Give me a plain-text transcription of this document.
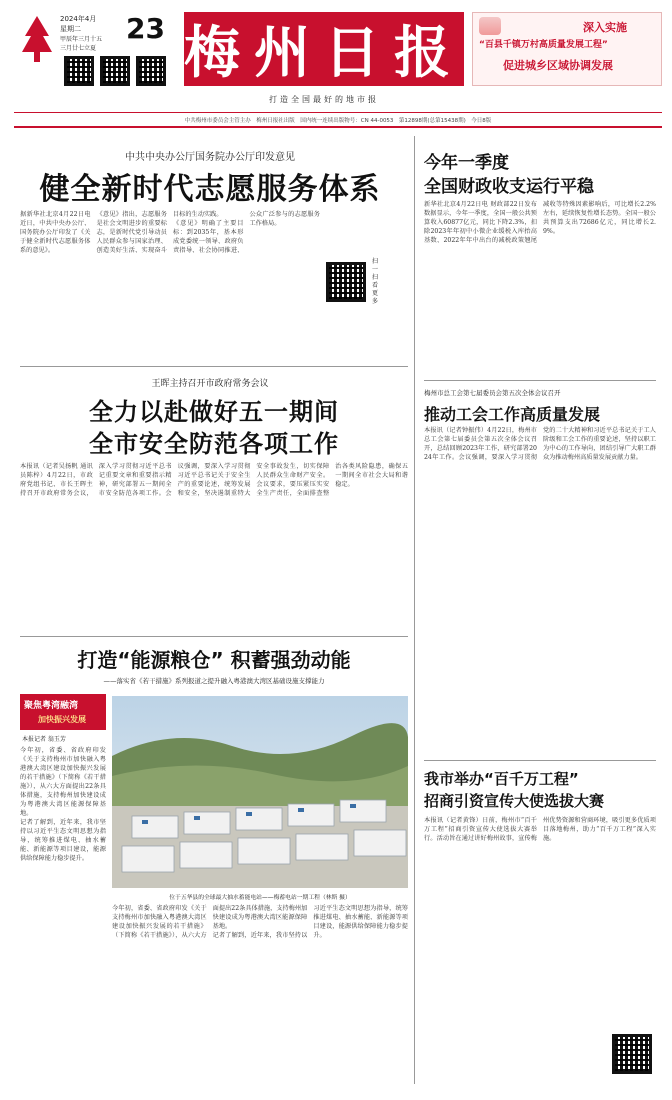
2024年4月
星期二
甲辰年三月十五
三月廿七立夏
23 梅州日报
打造全国最好的地市报
深入实施
“百县千镇万村高质量发展工程”
促进城乡区域协调发展
中共梅州市委员会主管主办　梅州日报社出版　国内统一连续出版物号：CN 44-0053　第12898期(总第15438期)　今日8版
中共中央办公厅国务院办公厅印发意见
健全新时代志愿服务体系
据新华社北京4月22日电 近日，中共中央办公厅、国务院办公厅印发了《关于健全新时代志愿服务体系的意见》。
《意见》指出，志愿服务是社会文明进步的重要标志，是新时代党引导动员人民群众参与国家治理、创造美好生活、实现奋斗目标的生动实践。
《意见》明确了主要目标：到2035年，基本形成党委统一领导、政府负责指导、社会协同推进、公众广泛参与的志愿服务工作格局。
扫一扫 看更多
王晖主持召开市政府常务会议
全力以赴做好五一期间
全市安全防范各项工作
本报讯（记者吴扬帆 通讯员陈梓）4月22日，市政府党组书记、市长王晖主持召开市政府常务会议，深入学习贯彻习近平总书记重要文章和重要指示精神，研究部署五一期间全市安全防范各项工作。会议强调，要深入学习贯彻习近平总书记关于安全生产的重要论述，统筹发展和安全，坚决遏制重特大安全事故发生，切实保障人民群众生命财产安全。会议要求，要压紧压实安全生产责任，全面排查整治各类风险隐患，确保五一期间全市社会大局和谐稳定。
打造“能源粮仓” 积蓄强劲动能
——落实省《若干措施》系列报道之提升融入粤港澳大湾区基础设施支撑能力
聚焦粤湾融湾
加快振兴发展
本报记者 翁玉芳
今年初，省委、省政府印发《关于支持梅州市加快融入粤港澳大湾区建设加快振兴发展的若干措施》（下简称《若干措施》），从六大方面提出22条具体措施，支持梅州加快建设成为粤港澳大湾区能源保障基地。
记者了解到，近年来，我市坚持以习近平生态文明思想为指导，统筹推进煤电、抽水蓄能、新能源等项目建设，能源供给保障能力稳步提升。
位于五华县的全球最大抽水蓄能电站——梅蓄电站一期工程（林斯 摄）
今年初，省委、省政府印发《关于支持梅州市加快融入粤港澳大湾区建设加快振兴发展的若干措施》（下简称《若干措施》），从六大方面提出22条具体措施，支持梅州加快建设成为粤港澳大湾区能源保障基地。
记者了解到，近年来，我市坚持以习近平生态文明思想为指导，统筹推进煤电、抽水蓄能、新能源等项目建设，能源供给保障能力稳步提升。
今年一季度
全国财政收支运行平稳
新华社北京4月22日电 财政部22日发布数据显示，今年一季度，全国一般公共预算收入60877亿元，同比下降2.3%，扣除2023年年初中小微企业缓税入库抬高基数、2022年年中出台的减税政策翘尾减收等特殊因素影响后，可比增长2.2%左右，延续恢复性增长态势。全国一般公共预算支出72686亿元，同比增长2.9%。
梅州市总工会第七届委员会第五次全体会议召开
推动工会工作高质量发展
本报讯（记者钟振伟）4月22日，梅州市总工会第七届委员会第五次全体会议召开，总结回顾2023年工作，研究部署2024年工作。会议强调，要深入学习贯彻党的二十大精神和习近平总书记关于工人阶级和工会工作的重要论述，坚持以职工为中心的工作导向，团结引导广大职工群众为推动梅州高质量发展贡献力量。
我市举办“百千万工程”
招商引资宣传大使选拔大赛
本报讯（记者黄锋）日前，梅州市“百千万工程”招商引资宣传大使选拔大赛举行。活动旨在通过讲好梅州故事，宣传梅州优势资源和营商环境，吸引更多优质项目落地梅州，助力“百千万工程”深入实施。
